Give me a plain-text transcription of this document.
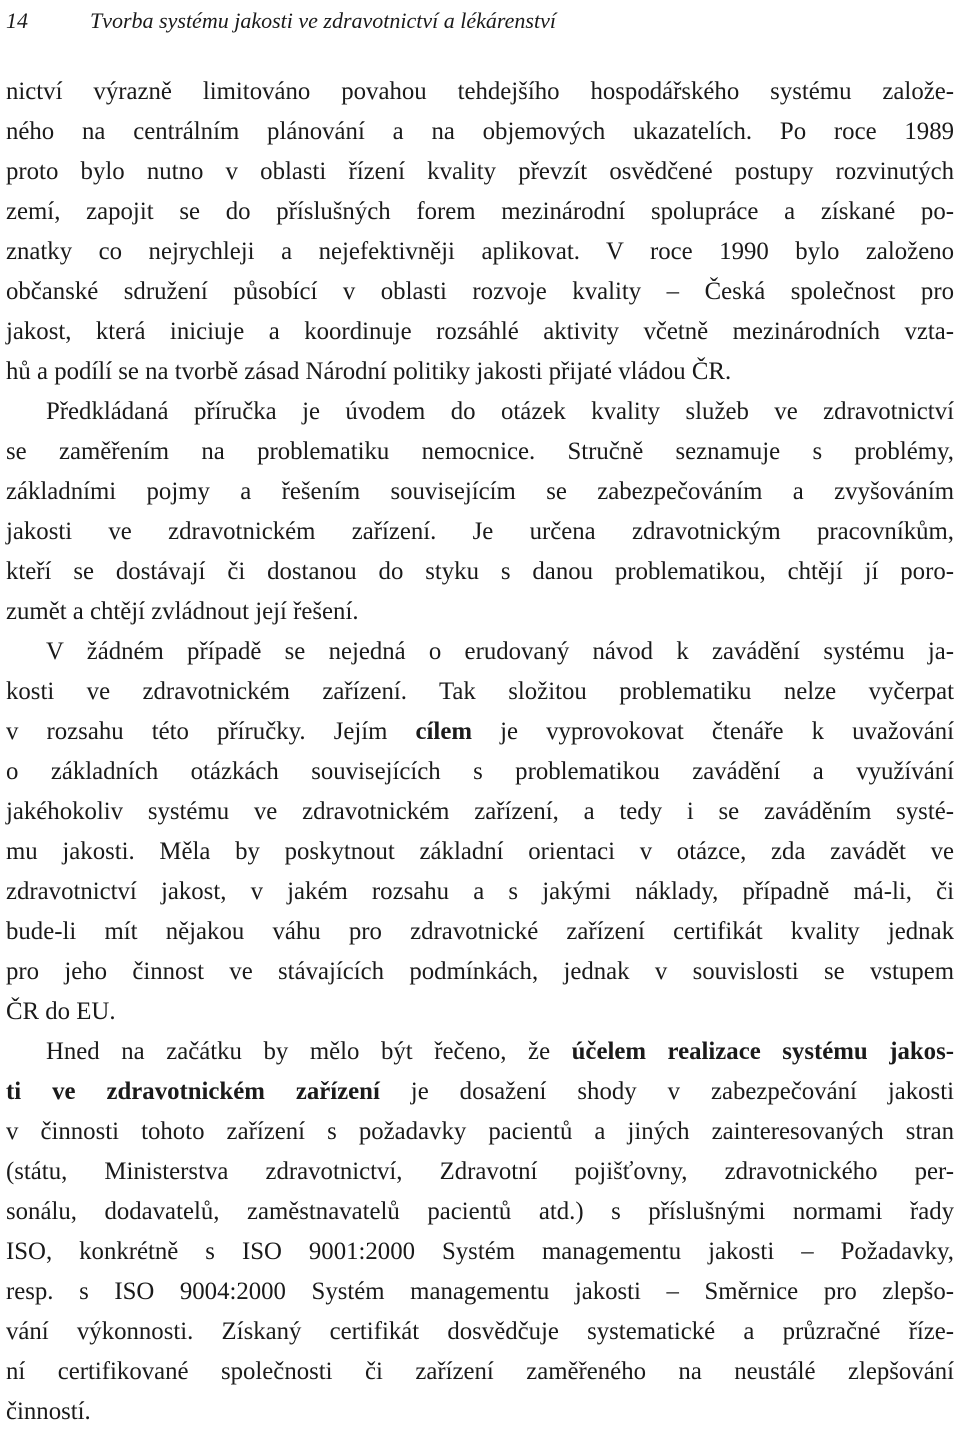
14	Tvorba systému jakosti ve zdravotnictví a lékárenství
nictví výrazně limitováno povahou tehdejšího hospodářského systému založe-
ného na centrálním plánování a na objemových ukazatelích. Po roce 1989
proto bylo nutno v oblasti řízení kvality převzít osvědčené postupy rozvinutých
zemí, zapojit se do příslušných forem mezinárodní spolupráce a získané po-
znatky co nejrychleji a nejefektivněji aplikovat. V roce 1990 bylo založeno
občanské sdružení působící v oblasti rozvoje kvality – Česká společnost pro
jakost, která iniciuje a koordinuje rozsáhlé aktivity včetně mezinárodních vzta-
hů a podílí se na tvorbě zásad Národní politiky jakosti přijaté vládou ČR.
Předkládaná příručka je úvodem do otázek kvality služeb ve zdravotnictví
se zaměřením na problematiku nemocnice. Stručně seznamuje s problémy,
základními pojmy a řešením souvisejícím se zabezpečováním a zvyšováním
jakosti ve zdravotnickém zařízení. Je určena zdravotnickým pracovníkům,
kteří se dostávají či dostanou do styku s danou problematikou, chtějí jí poro-
zumět a chtějí zvládnout její řešení.
V žádném případě se nejedná o erudovaný návod k zavádění systému ja-
kosti ve zdravotnickém zařízení. Tak složitou problematiku nelze vyčerpat
v rozsahu této příručky. Jejím cílem je vyprovokovat čtenáře k uvažování
o základních otázkách souvisejících s problematikou zavádění a využívání
jakéhokoliv systému ve zdravotnickém zařízení, a tedy i se zaváděním systé-
mu jakosti. Měla by poskytnout základní orientaci v otázce, zda zavádět ve
zdravotnictví jakost, v jakém rozsahu a s jakými náklady, případně má-li, či
bude-li mít nějakou váhu pro zdravotnické zařízení certifikát kvality jednak
pro jeho činnost ve stávajících podmínkách, jednak v souvislosti se vstupem
ČR do EU.
Hned na začátku by mělo být řečeno, že účelem realizace systému jakos-
ti ve zdravotnickém zařízení je dosažení shody v zabezpečování jakosti
v činnosti tohoto zařízení s požadavky pacientů a jiných zainteresovaných stran
(státu, Ministerstva zdravotnictví, Zdravotní pojišťovny, zdravotnického per-
sonálu, dodavatelů, zaměstnavatelů pacientů atd.) s příslušnými normami řady
ISO, konkrétně s ISO 9001:2000 Systém managementu jakosti – Požadavky,
resp. s ISO 9004:2000 Systém managementu jakosti – Směrnice pro zlepšo-
vání výkonnosti. Získaný certifikát dosvědčuje systematické a průzračné říze-
ní certifikované společnosti či zařízení zaměřeného na neustálé zlepšování
činností.
